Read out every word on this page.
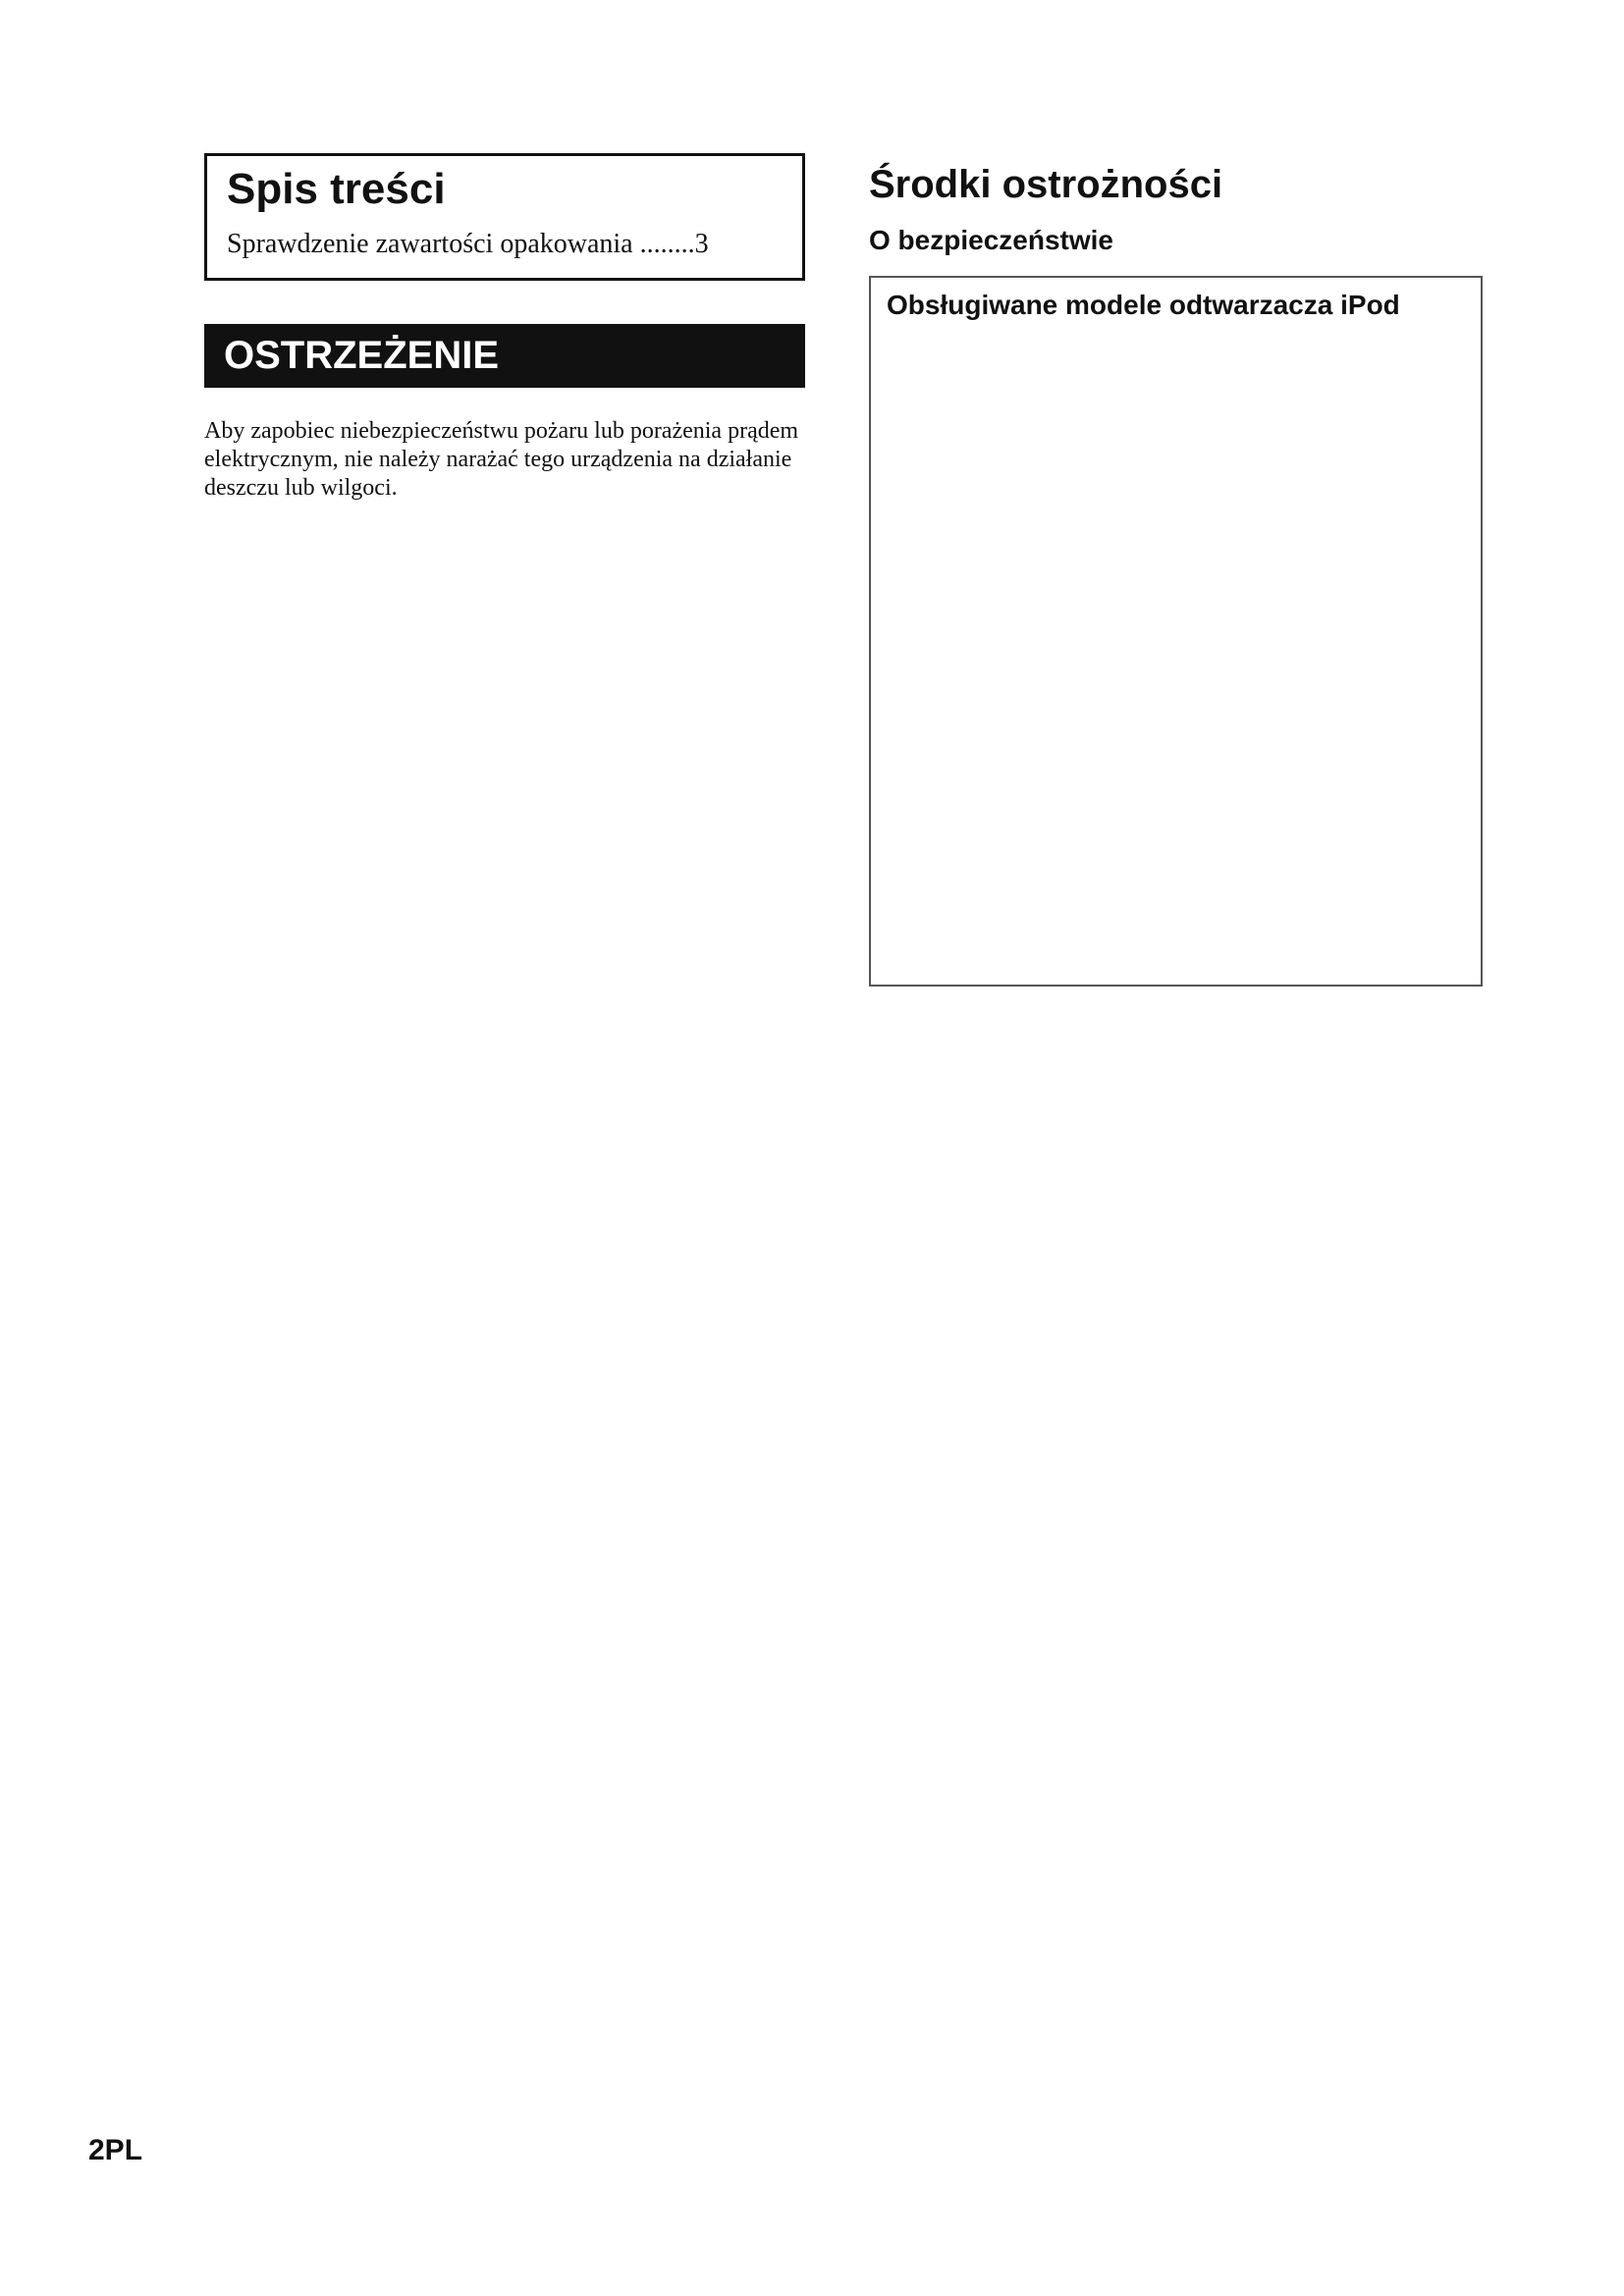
Spis treści
Sprawdzenie zawartości opakowania ........3
OSTRZEŻENIE
Aby zapobiec niebezpieczeństwu pożaru lub porażenia prądem elektrycznym, nie należy narażać tego urządzenia na działanie deszczu lub wilgoci.
Środki ostrożności
O bezpieczeństwie
Obsługiwane modele odtwarzacza iPod
2PL
